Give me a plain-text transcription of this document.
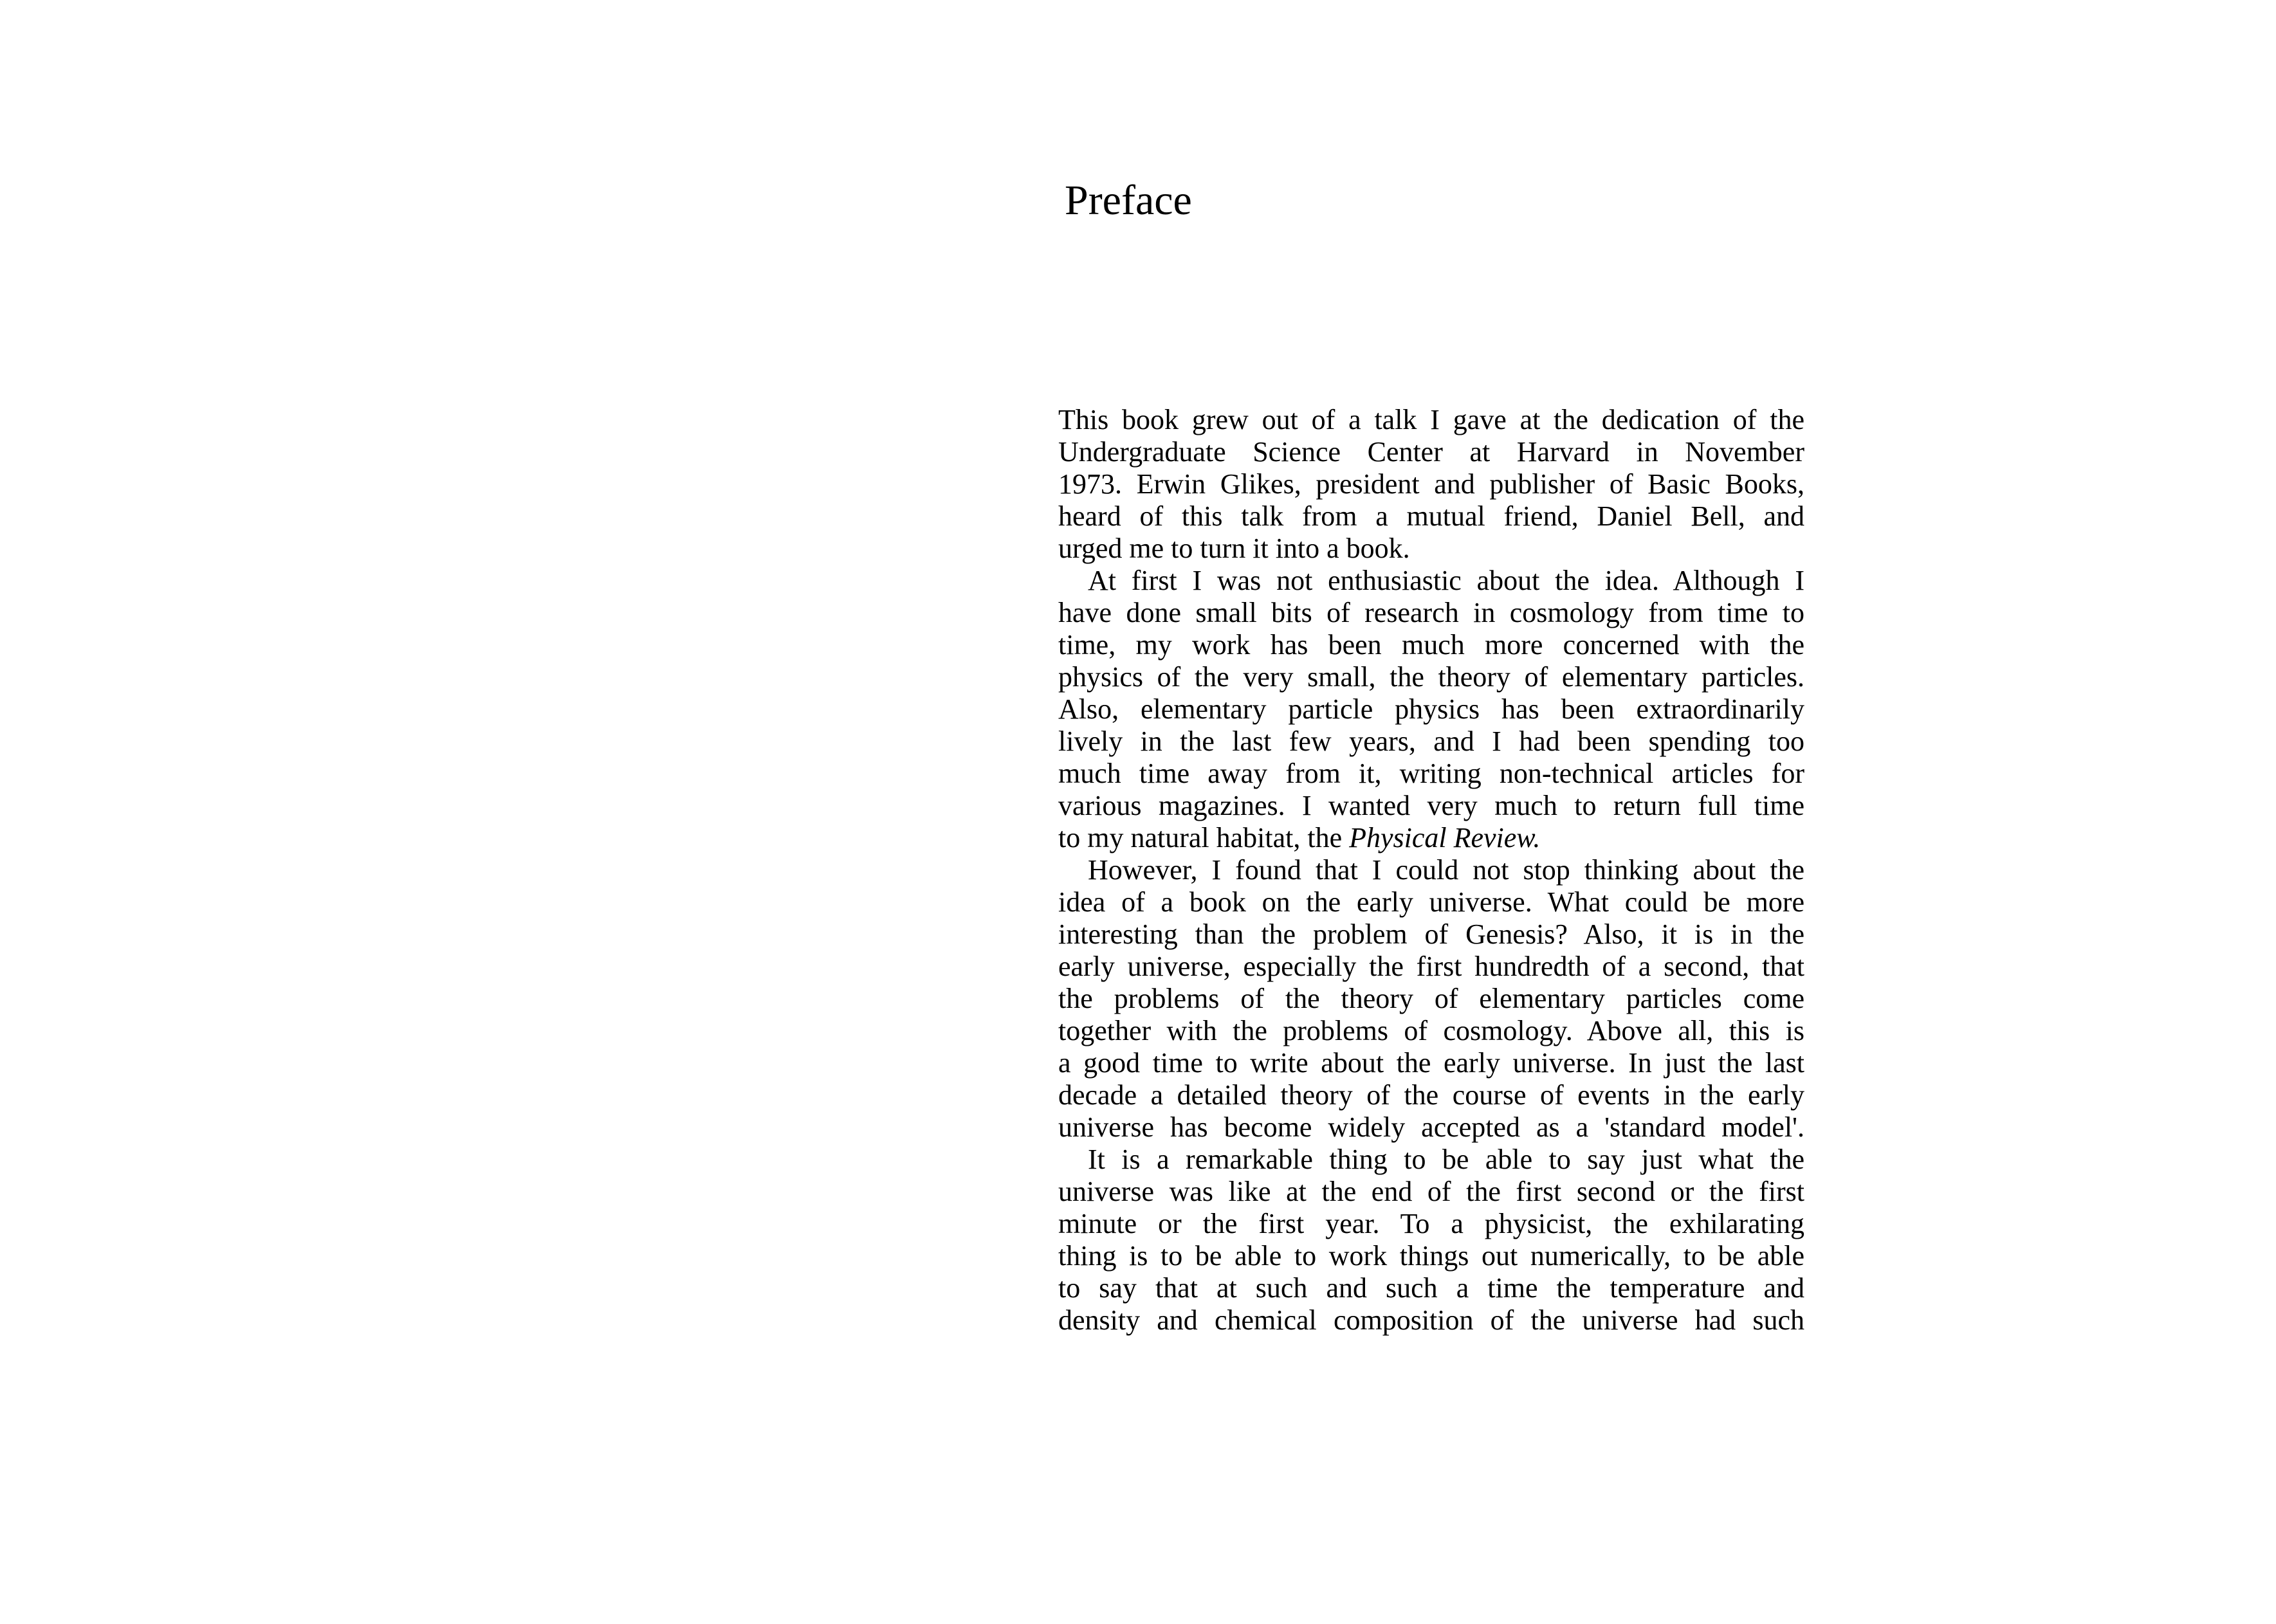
Preface
This book grew out of a talk I gave at the dedication of the
Undergraduate Science Center at Harvard in November
1973. Erwin Glikes, president and publisher of Basic Books,
heard of this talk from a mutual friend, Daniel Bell, and
urged me to turn it into a book.
At first I was not enthusiastic about the idea. Although I
have done small bits of research in cosmology from time to
time, my work has been much more concerned with the
physics of the very small, the theory of elementary particles.
Also, elementary particle physics has been extraordinarily
lively in the last few years, and I had been spending too
much time away from it, writing non-technical articles for
various magazines. I wanted very much to return full time
to my natural habitat, the Physical Review.
However, I found that I could not stop thinking about the
idea of a book on the early universe. What could be more
interesting than the problem of Genesis? Also, it is in the
early universe, especially the first hundredth of a second, that
the problems of the theory of elementary particles come
together with the problems of cosmology. Above all, this is
a good time to write about the early universe. In just the last
decade a detailed theory of the course of events in the early
universe has become widely accepted as a 'standard model'.
It is a remarkable thing to be able to say just what the
universe was like at the end of the first second or the first
minute or the first year. To a physicist, the exhilarating
thing is to be able to work things out numerically, to be able
to say that at such and such a time the temperature and
density and chemical composition of the universe had such
